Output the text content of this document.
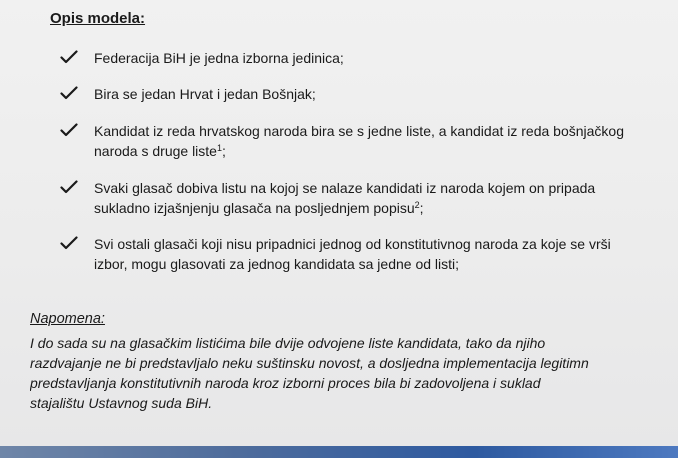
Opis modela:
Federacija BiH je jedna izborna jedinica;
Bira se jedan Hrvat i jedan Bošnjak;
Kandidat iz reda hrvatskog naroda bira se s jedne liste, a kandidat iz reda bošnjačkog
naroda s druge liste$^1$;
Svaki glasač dobiva listu na kojoj se nalaze kandidati iz naroda kojem on pripada
sukladno izjašnjenju glasača na posljednjem popisu$^2$;
Svi ostali glasači koji nisu pripadnici jednog od konstitutivnog naroda za koje se vrši
izbor, mogu glasovati za jednog kandidata sa jedne od listi;
Napomena:
I do sada su na glasačkim listićima bile dvije odvojene liste kandidata, tako da njiho
razdvajanje ne bi predstavljalo neku suštinsku novost, a dosljedna implementacija legitimn
predstavljanja konstitutivnih naroda kroz izborni proces bila bi zadovoljena i suklad
stajalištu Ustavnog suda BiH.
